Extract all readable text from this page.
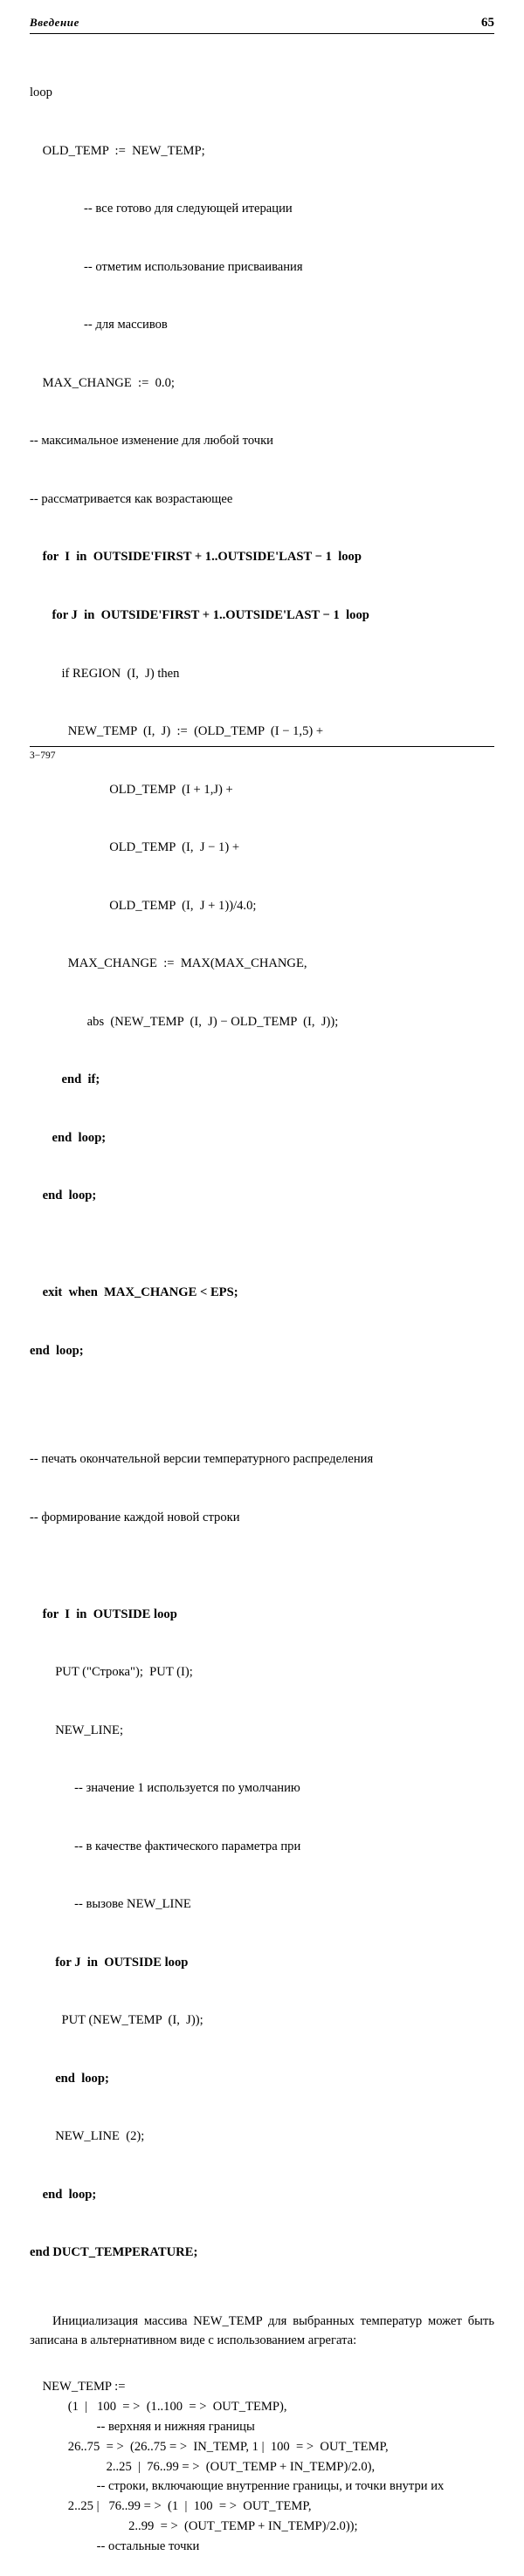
Введение	65

loop

OLD_TEMP  :=  NEW_TEMP;

-- все готово для следующей итерации

-- отметим использование присваивания

-- для массивов

MAX_CHANGE  :=  0.0;

-- максимальное изменение для любой точки

-- рассматривается как возрастающее

for  I  in  OUTSIDE'FIRST + 1..OUTSIDE'LAST − 1  loop

for J  in  OUTSIDE'FIRST + 1..OUTSIDE'LAST − 1  loop

if REGION  (I,  J) then

NEW_TEMP  (I,  J)  :=  (OLD_TEMP  (I − 1,5) +

OLD_TEMP  (I + 1,J) +

OLD_TEMP  (I,  J − 1) +

OLD_TEMP  (I,  J + 1))/4.0;

MAX_CHANGE  :=  MAX(MAX_CHANGE,

abs  (NEW_TEMP  (I,  J) − OLD_TEMP  (I,  J));

end  if;

end  loop;

end  loop;

exit  when  MAX_CHANGE < EPS;

end  loop;

-- печать окончательной версии температурного распределения

-- формирование каждой новой строки

for  I  in  OUTSIDE loop

PUT ("Строка");  PUT (I);

NEW_LINE;

-- значение 1 используется по умолчанию

-- в качестве фактического параметра при

-- вызове NEW_LINE

for J  in  OUTSIDE loop

PUT (NEW_TEMP  (I,  J));

end  loop;

NEW_LINE  (2);

end  loop;

end DUCT_TEMPERATURE;

Инициализация массива NEW_TEMP для выбранных температур может быть записана в альтернативном виде с использованием агрегата:

NEW_TEMP :=
(1  |   100  = >  (1..100  = >  OUT_TEMP),
-- верхняя и нижняя границы
26..75  = >  (26..75 = >  IN_TEMP, 1 |  100  = >  OUT_TEMP,
2..25  |  76..99 = >  (OUT_TEMP + IN_TEMP)/2.0),
-- строки, включающие внутренние границы, и точки внутри их
2..25 |   76..99 = >  (1  |  100  = >  OUT_TEMP,
2..99  = >  (OUT_TEMP + IN_TEMP)/2.0));
-- остальные точки

3−797
